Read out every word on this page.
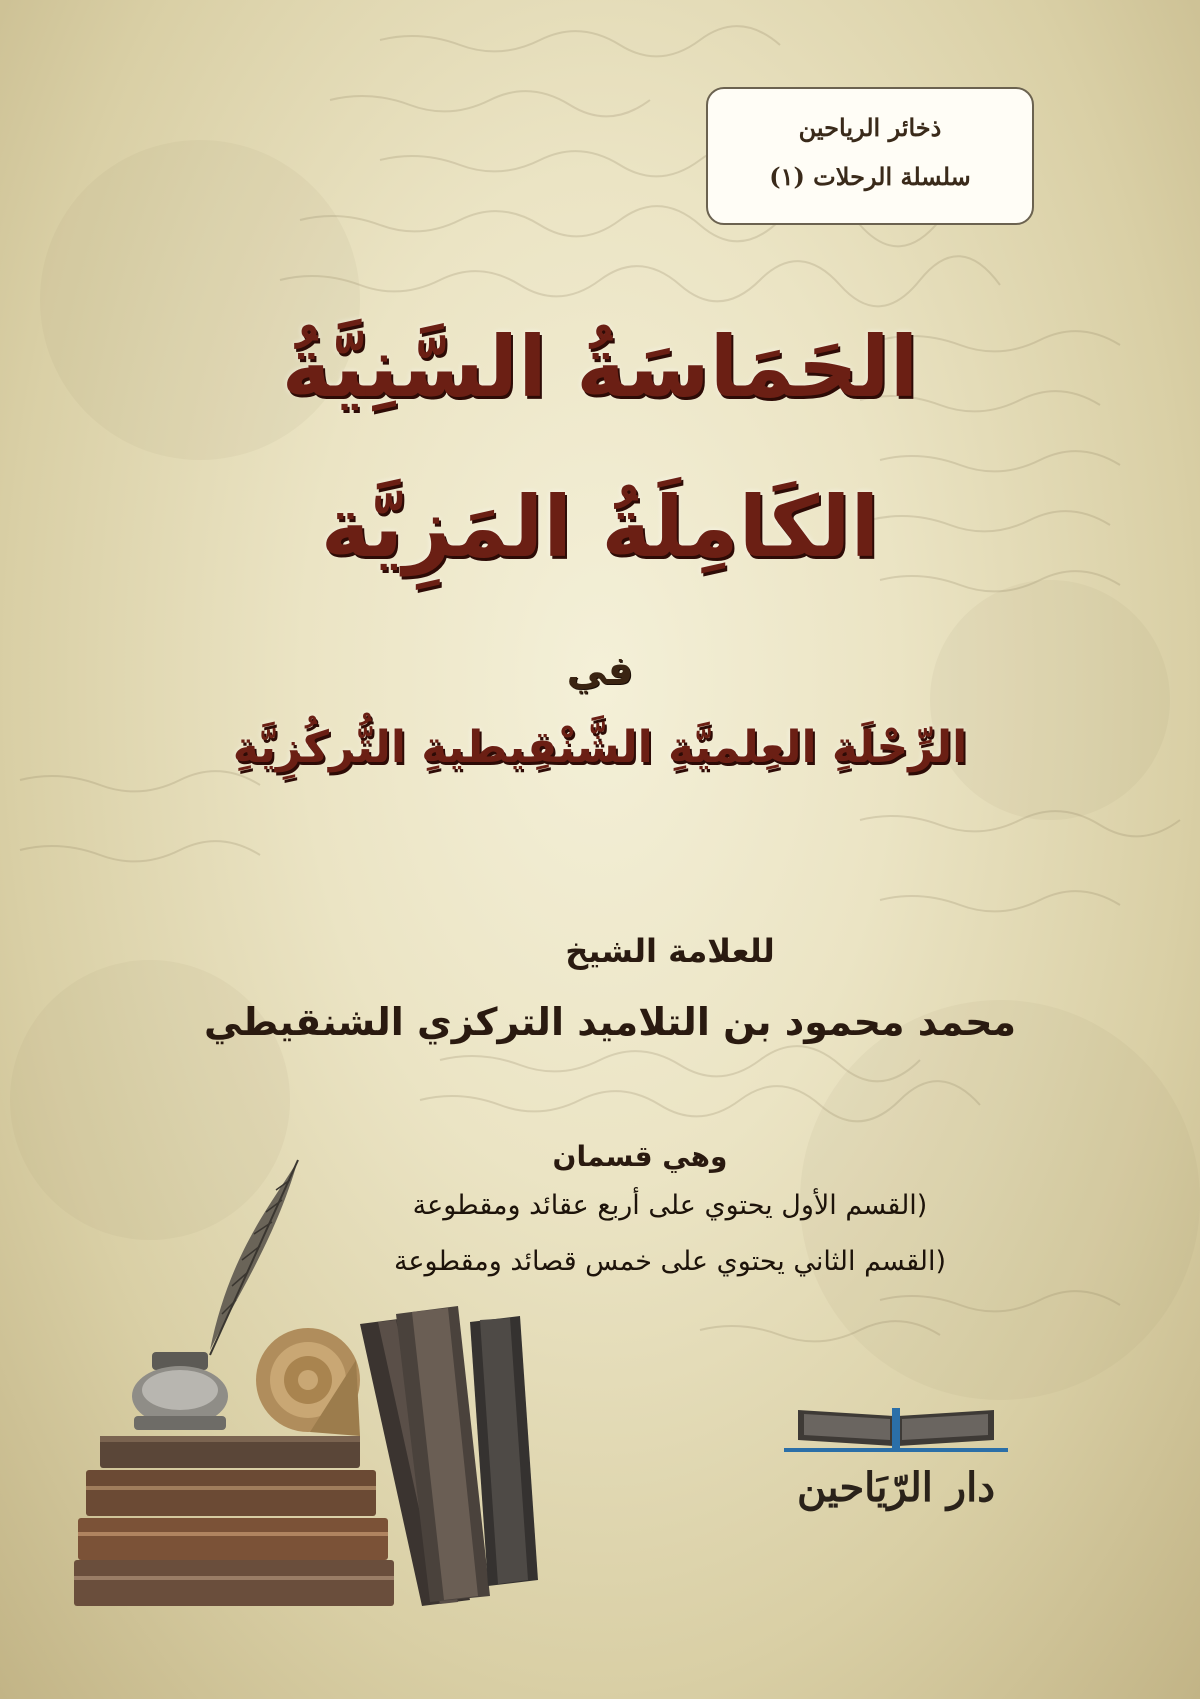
ذخائر الرياحين
سلسلة الرحلات (١)
الحَمَاسَةُ السَّنِيَّةُ
الكَامِلَةُ المَزِيَّة
في
الرِّحْلَةِ العِلميَّةِ الشَّنْقِيطيةِ التُّركُزِيَّةِ
للعلامة الشيخ
محمد محمود بن التلاميد التركزي الشنقيطي
وهي قسمان
(القسم الأول يحتوي على أربع عقائد ومقطوعة
(القسم الثاني يحتوي على خمس قصائد ومقطوعة
دار الرّيَاحين
